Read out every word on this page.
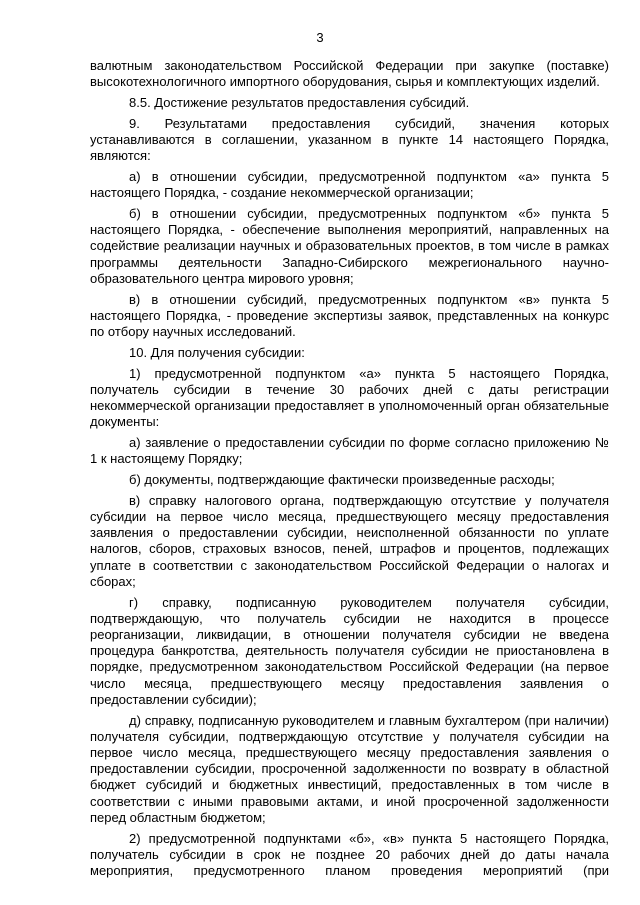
3

валютным законодательством Российской Федерации при закупке (поставке) высокотехнологичного импортного оборудования, сырья и комплектующих изделий.

8.5. Достижение результатов предоставления субсидий.

9. Результатами предоставления субсидий, значения которых устанавливаются в соглашении, указанном в пункте 14 настоящего Порядка, являются:

а) в отношении субсидии, предусмотренной подпунктом «а» пункта 5 настоящего Порядка, - создание некоммерческой организации;

б) в отношении субсидии, предусмотренных подпунктом «б» пункта 5 настоящего Порядка, - обеспечение выполнения мероприятий, направленных на содействие реализации научных и образовательных проектов, в том числе в рамках программы деятельности Западно-Сибирского межрегионального научно-образовательного центра мирового уровня;

в) в отношении субсидий, предусмотренных подпунктом «в» пункта 5 настоящего Порядка, - проведение экспертизы заявок, представленных на конкурс по отбору научных исследований.

10. Для получения субсидии:

1) предусмотренной подпунктом «а» пункта 5 настоящего Порядка, получатель субсидии в течение 30 рабочих дней с даты регистрации некоммерческой организации предоставляет в уполномоченный орган обязательные документы:

а) заявление о предоставлении субсидии по форме согласно приложению № 1 к настоящему Порядку;

б) документы, подтверждающие фактически произведенные расходы;

в) справку налогового органа, подтверждающую отсутствие у получателя субсидии на первое число месяца, предшествующего месяцу предоставления заявления о предоставлении субсидии, неисполненной обязанности по уплате налогов, сборов, страховых взносов, пеней, штрафов и процентов, подлежащих уплате в соответствии с законодательством Российской Федерации о налогах и сборах;

г) справку, подписанную руководителем получателя субсидии, подтверждающую, что получатель субсидии не находится в процессе реорганизации, ликвидации, в отношении получателя субсидии не введена процедура банкротства, деятельность получателя субсидии не приостановлена в порядке, предусмотренном законодательством Российской Федерации (на первое число месяца, предшествующего месяцу предоставления заявления о предоставлении субсидии);

д) справку, подписанную руководителем и главным бухгалтером (при наличии) получателя субсидии, подтверждающую отсутствие у получателя субсидии на первое число месяца, предшествующего месяцу предоставления заявления о предоставлении субсидии, просроченной задолженности по возврату в областной бюджет субсидий и бюджетных инвестиций, предоставленных в том числе в соответствии с иными правовыми актами, и иной просроченной задолженности перед областным бюджетом;

2) предусмотренной подпунктами «б», «в» пункта 5 настоящего Порядка, получатель субсидии в срок не позднее 20 рабочих дней до даты начала мероприятия, предусмотренного планом проведения мероприятий (при
